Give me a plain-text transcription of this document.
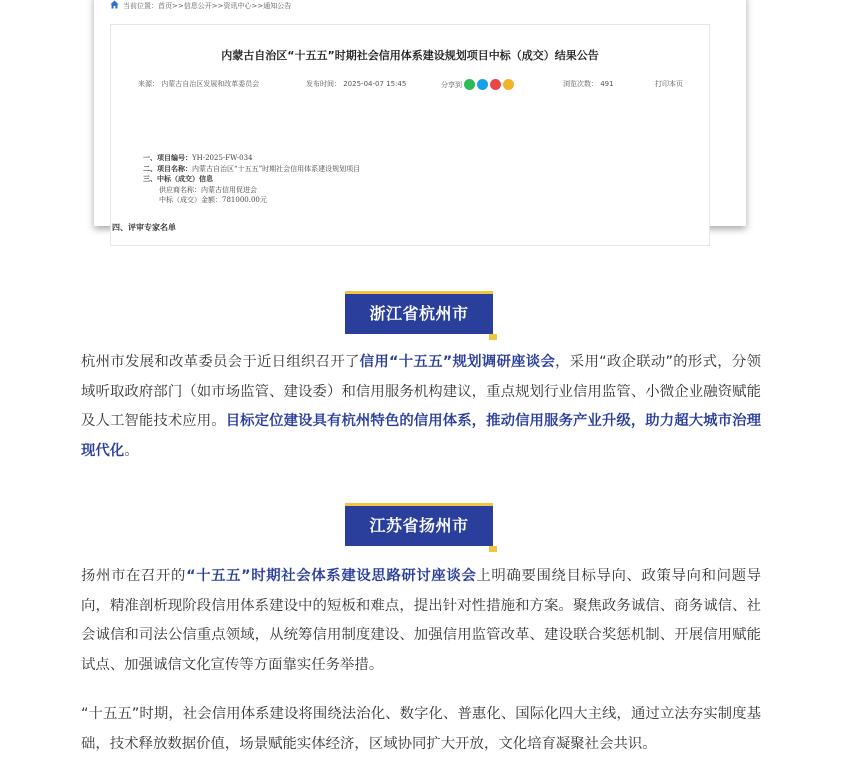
当前位置：首页>>信息公开>>资讯中心>>通知公告
内蒙古自治区“十五五”时期社会信用体系建设规划项目中标（成交）结果公告
来源： 内蒙古自治区发展和改革委员会	发布时间： 2025-04-07 15:45	分享到	浏览次数： 491	打印本页
一、项目编号：YH-2025-FW-034
二、项目名称：内蒙古自治区“十五五”时期社会信用体系建设规划项目
三、中标（成交）信息
供应商名称：内蒙古信用促进会
中标（成交）金额：781000.00元
浙江省杭州市
杭州市发展和改革委员会于近日组织召开了信用“十五五”规划调研座谈会，采用“政企联动”的形式，分领域听取政府部门（如市场监管、建设委）和信用服务机构建议，重点规划行业信用监管、小微企业融资赋能及人工智能技术应用。目标定位建设具有杭州特色的信用体系，推动信用服务产业升级，助力超大城市治理现代化。
江苏省扬州市
扬州市在召开的“十五五”时期社会体系建设思路研讨座谈会上明确要围绕目标导向、政策导向和问题导向，精准剖析现阶段信用体系建设中的短板和难点，提出针对性措施和方案。聚焦政务诚信、商务诚信、社会诚信和司法公信重点领域，从统筹信用制度建设、加强信用监管改革、建设联合奖惩机制、开展信用赋能试点、加强诚信文化宣传等方面靠实任务举措。
“十五五”时期，社会信用体系建设将围绕法治化、数字化、普惠化、国际化四大主线，通过立法夯实制度基础，技术释放数据价值，场景赋能实体经济，区域协同扩大开放，文化培育凝聚社会共识。
